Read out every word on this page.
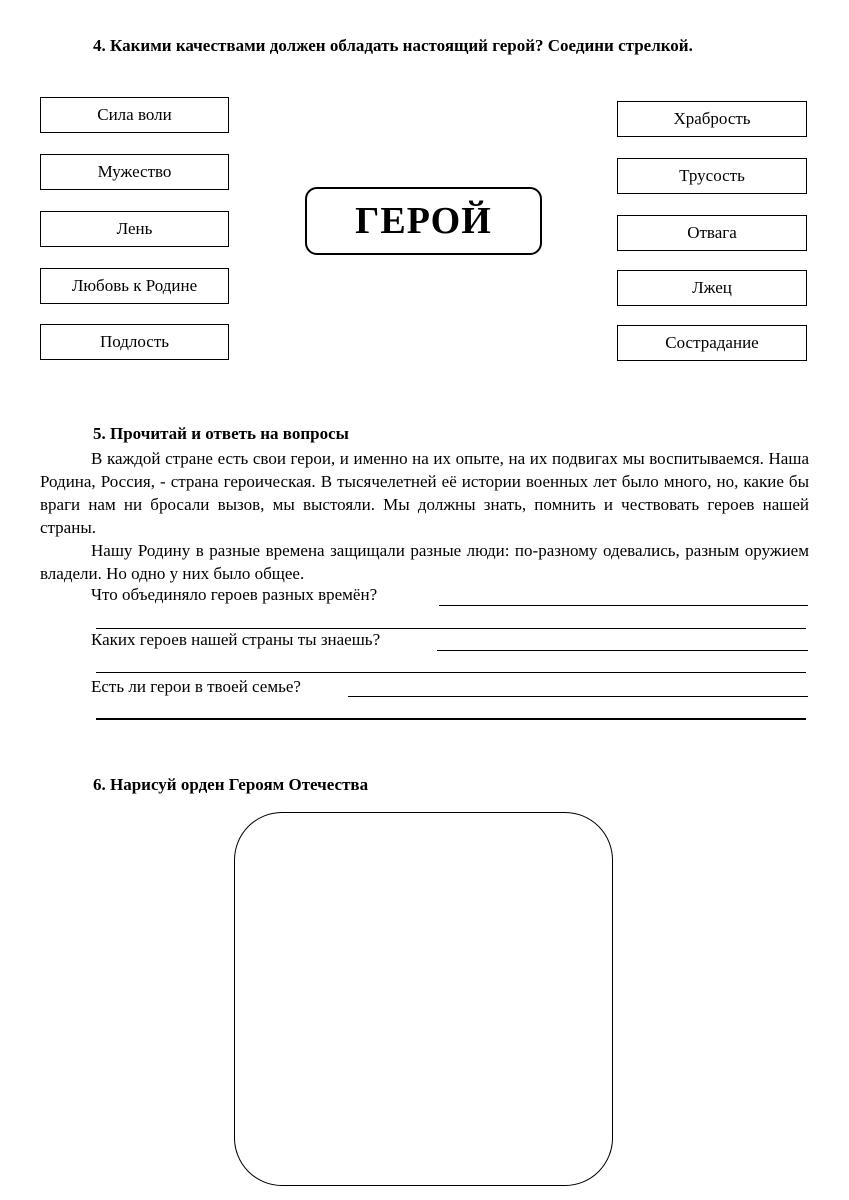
4. Какими качествами должен обладать настоящий герой? Соедини стрелкой.
Сила воли
Мужество
Лень
Любовь к Родине
Подлость
ГЕРОЙ
Храбрость
Трусость
Отвага
Лжец
Сострадание
5. Прочитай и ответь на вопросы
В каждой стране есть свои герои, и именно на их опыте, на их подвигах мы воспитываемся. Наша Родина, Россия, - страна героическая. В тысячелетней её истории военных лет было много, но, какие бы враги нам ни бросали вызов, мы выстояли. Мы должны знать, помнить и чествовать героев нашей страны.
Нашу Родину в разные времена защищали разные люди: по-разному одевались, разным оружием владели. Но одно у них было общее.
Что объединяло героев разных времён?
Каких героев нашей страны ты знаешь?
Есть ли герои в твоей семье?
6. Нарисуй орден Героям Отечества
